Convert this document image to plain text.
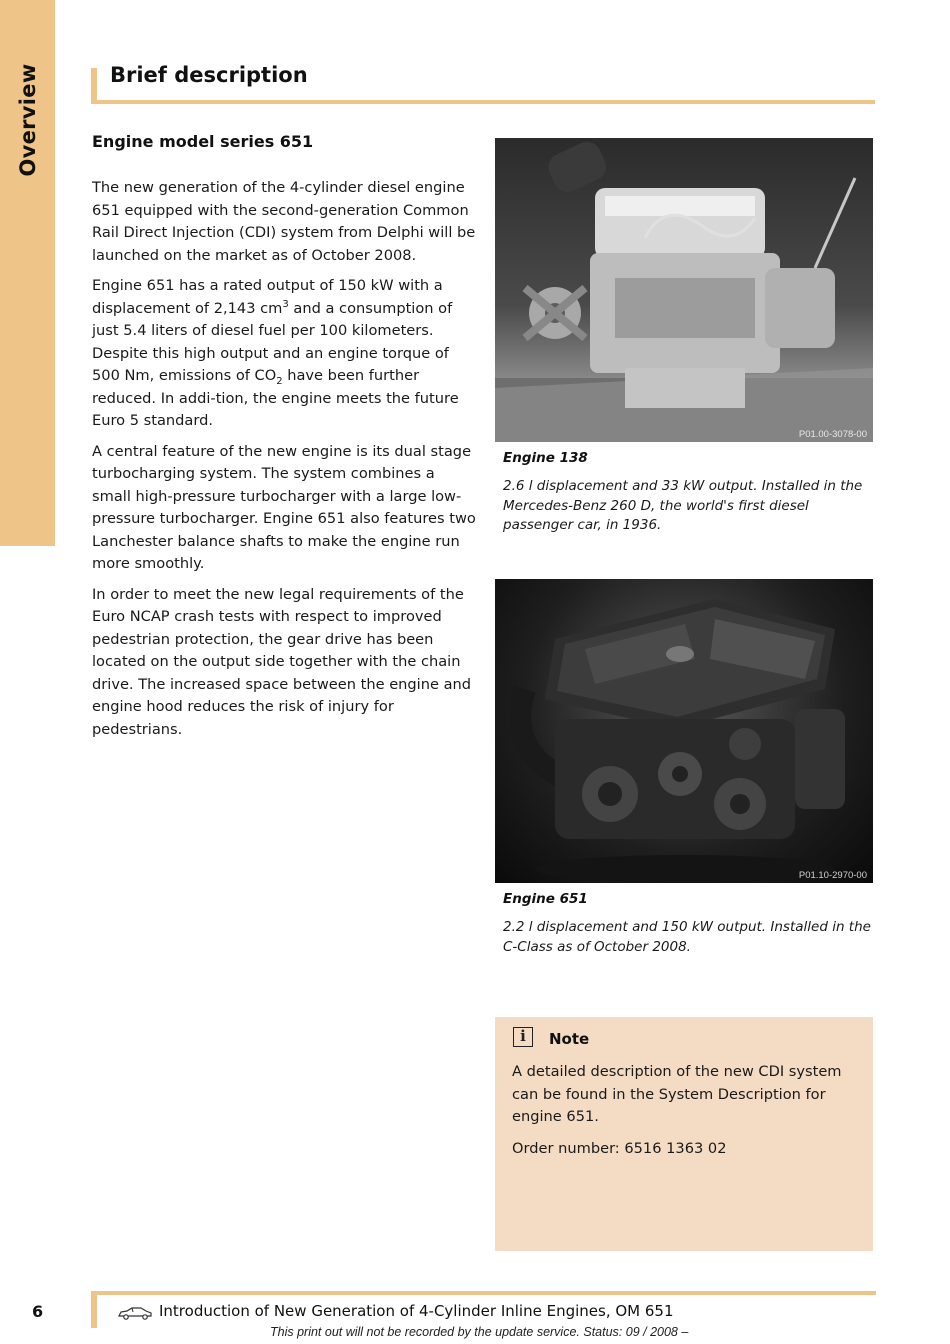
Overview	Brief description
Engine model series 651

The new generation of the 4-cylinder diesel engine 651 equipped with the second-generation Common Rail Direct Injection (CDI) system from Delphi will be launched on the market as of October 2008.

Engine 651 has a rated output of 150 kW with a displacement of 2,143 $cm^3$ and a consumption of just 5.4 liters of diesel fuel per 100 kilometers. Despite this high output and an engine torque of 500 Nm, emissions of $CO_2$ have been further reduced. In addi-tion, the engine meets the future Euro 5 standard.

A central feature of the new engine is its dual stage turbocharging system. The system combines a small high-pressure turbocharger with a large low-pressure turbocharger. Engine 651 also features two Lanchester balance shafts to make the engine run more smoothly.

In order to meet the new legal requirements of the Euro NCAP crash tests with respect to improved pedestrian protection, the gear drive has been located on the output side together with the chain drive. The increased space between the engine and engine hood reduces the risk of injury for pedestrians.

P01.00-3078-00

Engine 138

2.6 l displacement and 33 kW output. Installed in the Mercedes-Benz 260 D, the world's first diesel passenger car, in 1936.

P01.10-2970-00

Engine 651

2.2 l displacement and 150 kW output. Installed in the C-Class as of October 2008.

i	Note

A detailed description of the new CDI system can be found in the System Description for engine 651.

Order number: 6516 1363 02

6	Introduction of New Generation of 4-Cylinder Inline Engines, OM 651

This print out will not be recorded by the update service. Status: 09 / 2008 –
